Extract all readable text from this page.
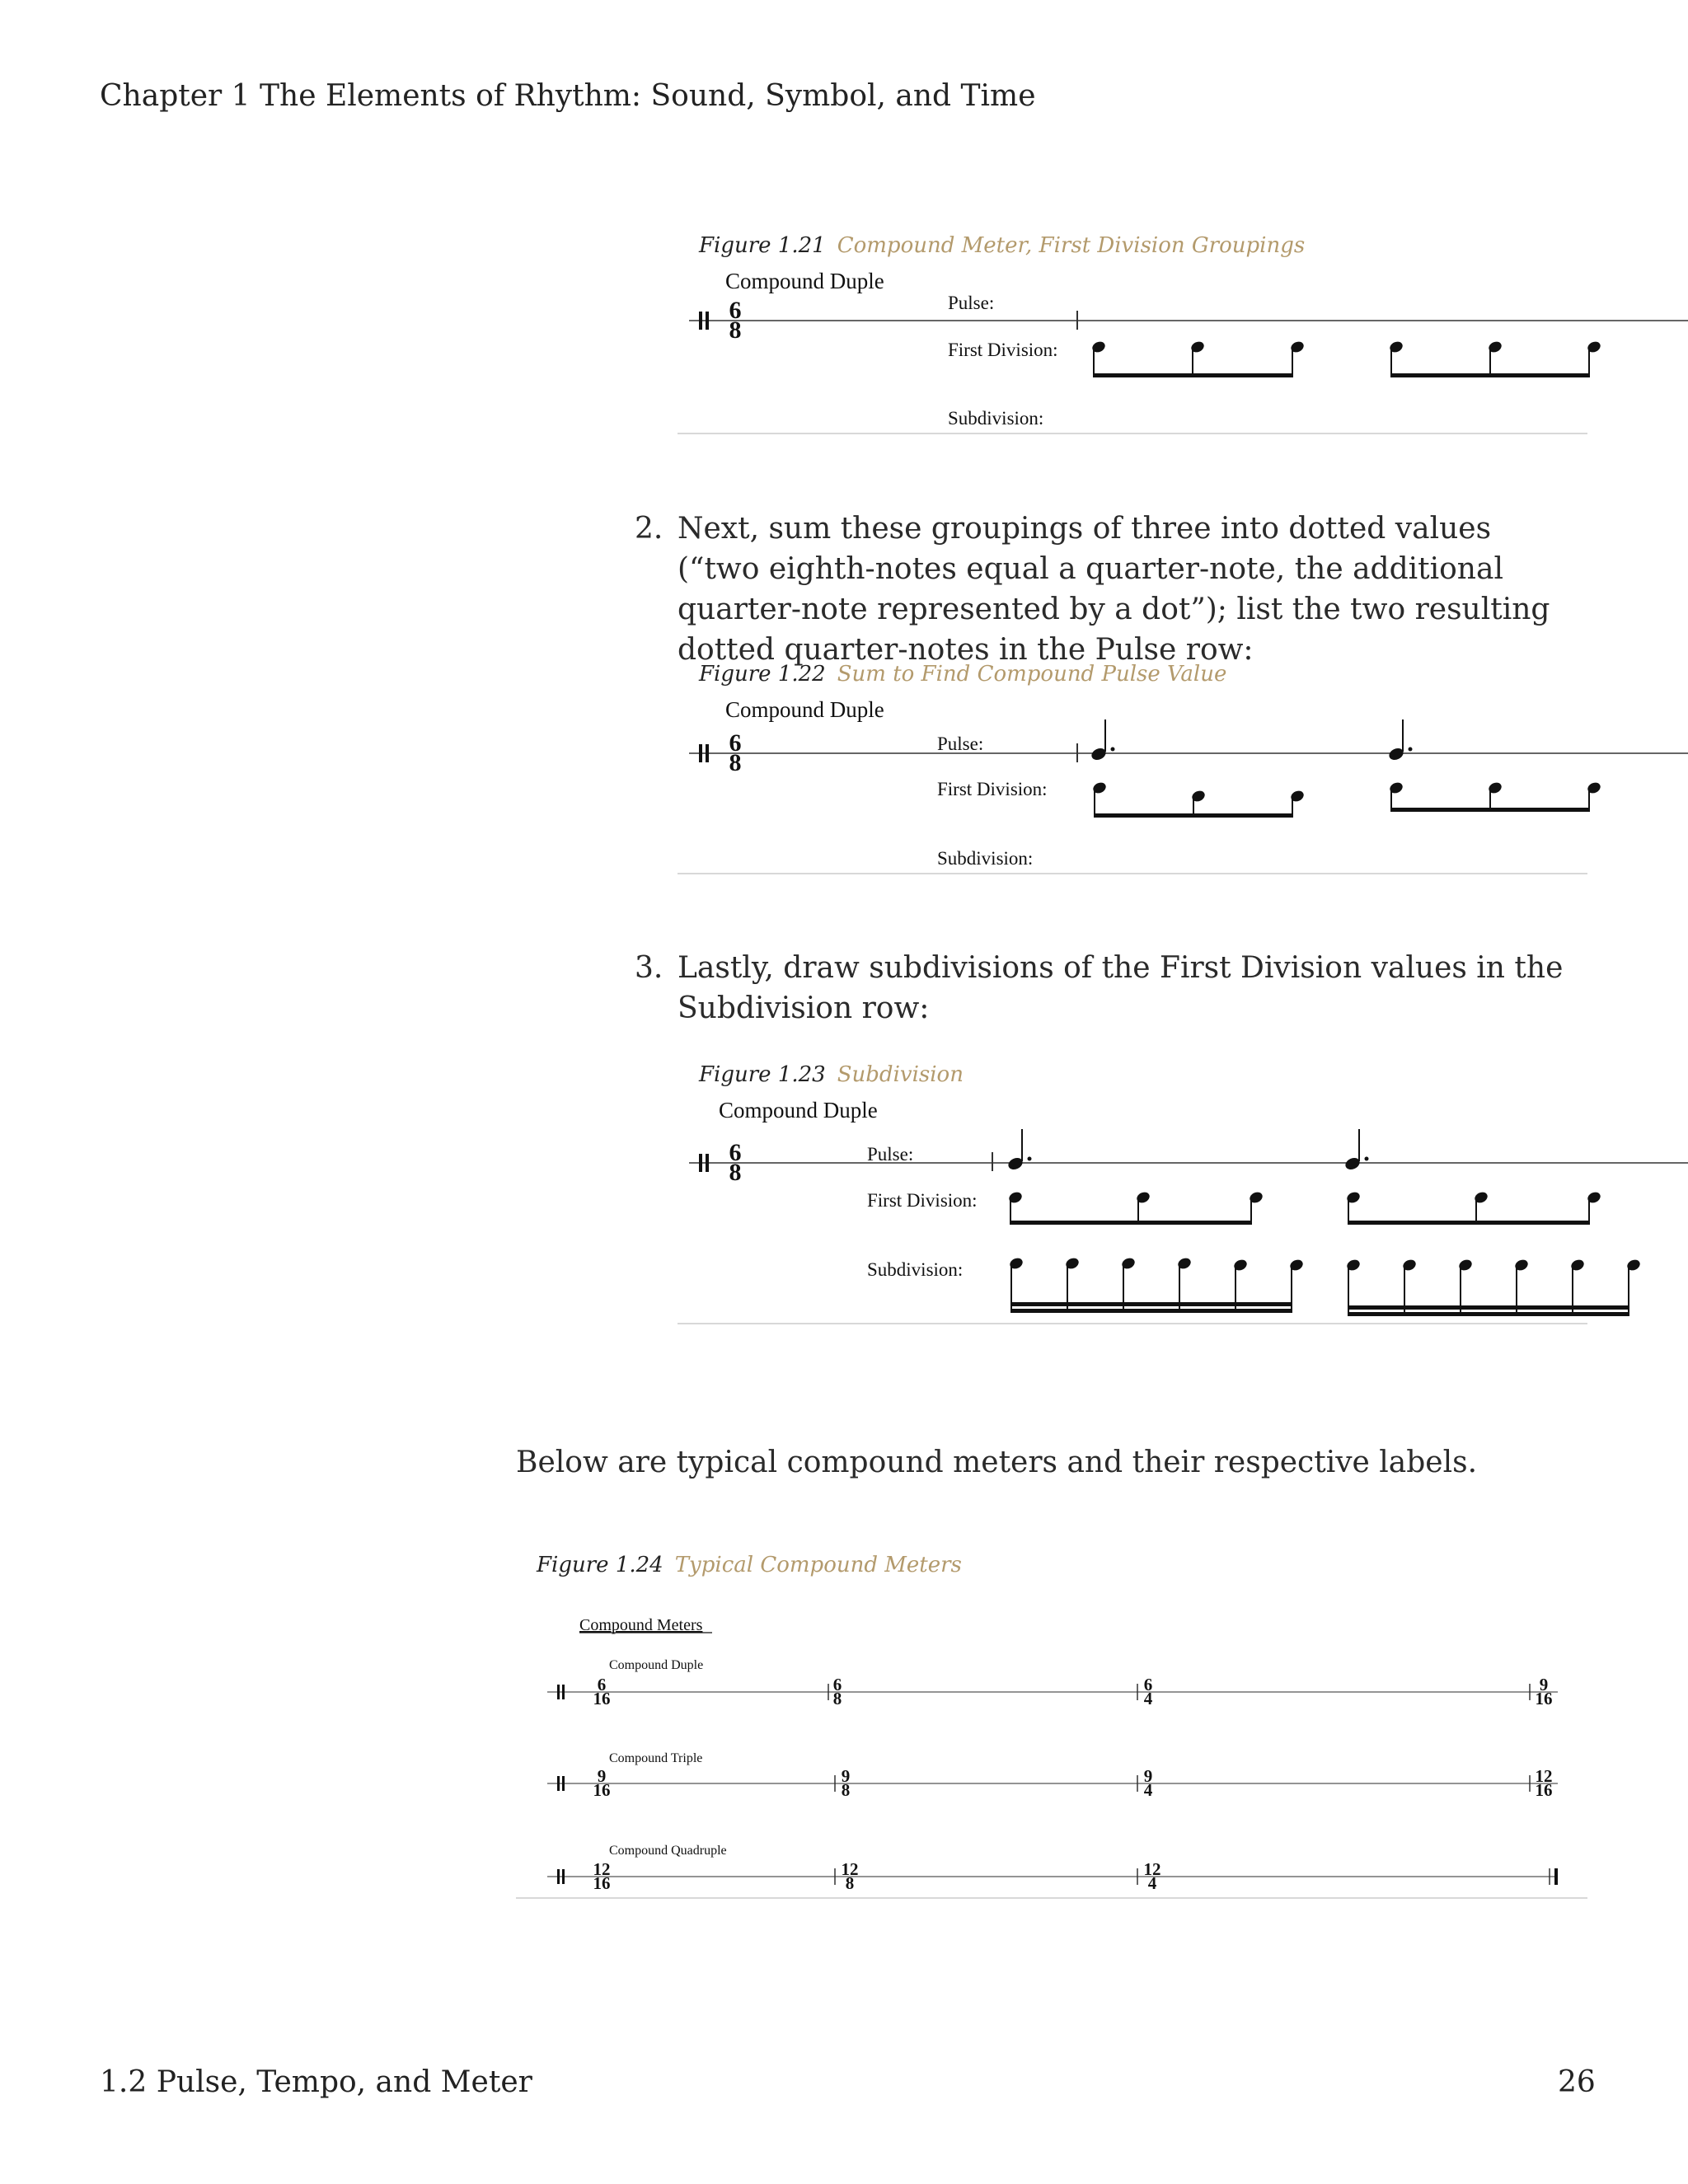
Chapter 1 The Elements of Rhythm: Sound, Symbol, and Time
Figure 1.21 Compound Meter, First Division Groupings
2. Next, sum these groupings of three into dotted values (“two eighth-notes equal a quarter-note, the additional quarter-note represented by a dot”); list the two resulting dotted quarter-notes in the Pulse row:
Figure 1.22 Sum to Find Compound Pulse Value
3. Lastly, draw subdivisions of the First Division values in the Subdivision row:
Figure 1.23 Subdivision
Below are typical compound meters and their respective labels.
Figure 1.24 Typical Compound Meters
Compound Duple
6
8
Pulse:
First Division:
Subdivision:
Compound Duple
6
8
Pulse:
First Division:
Subdivision:
Compound Duple
6
8
Pulse:
First Division:
Subdivision:
Compound Meters
Compound Duple
6
16
6
8
6
4
9
16
Compound Triple
9
16
9
8
9
4
12
16
Compound Quadruple
12
16
12
8
12
4
1.2 Pulse, Tempo, and Meter	26
